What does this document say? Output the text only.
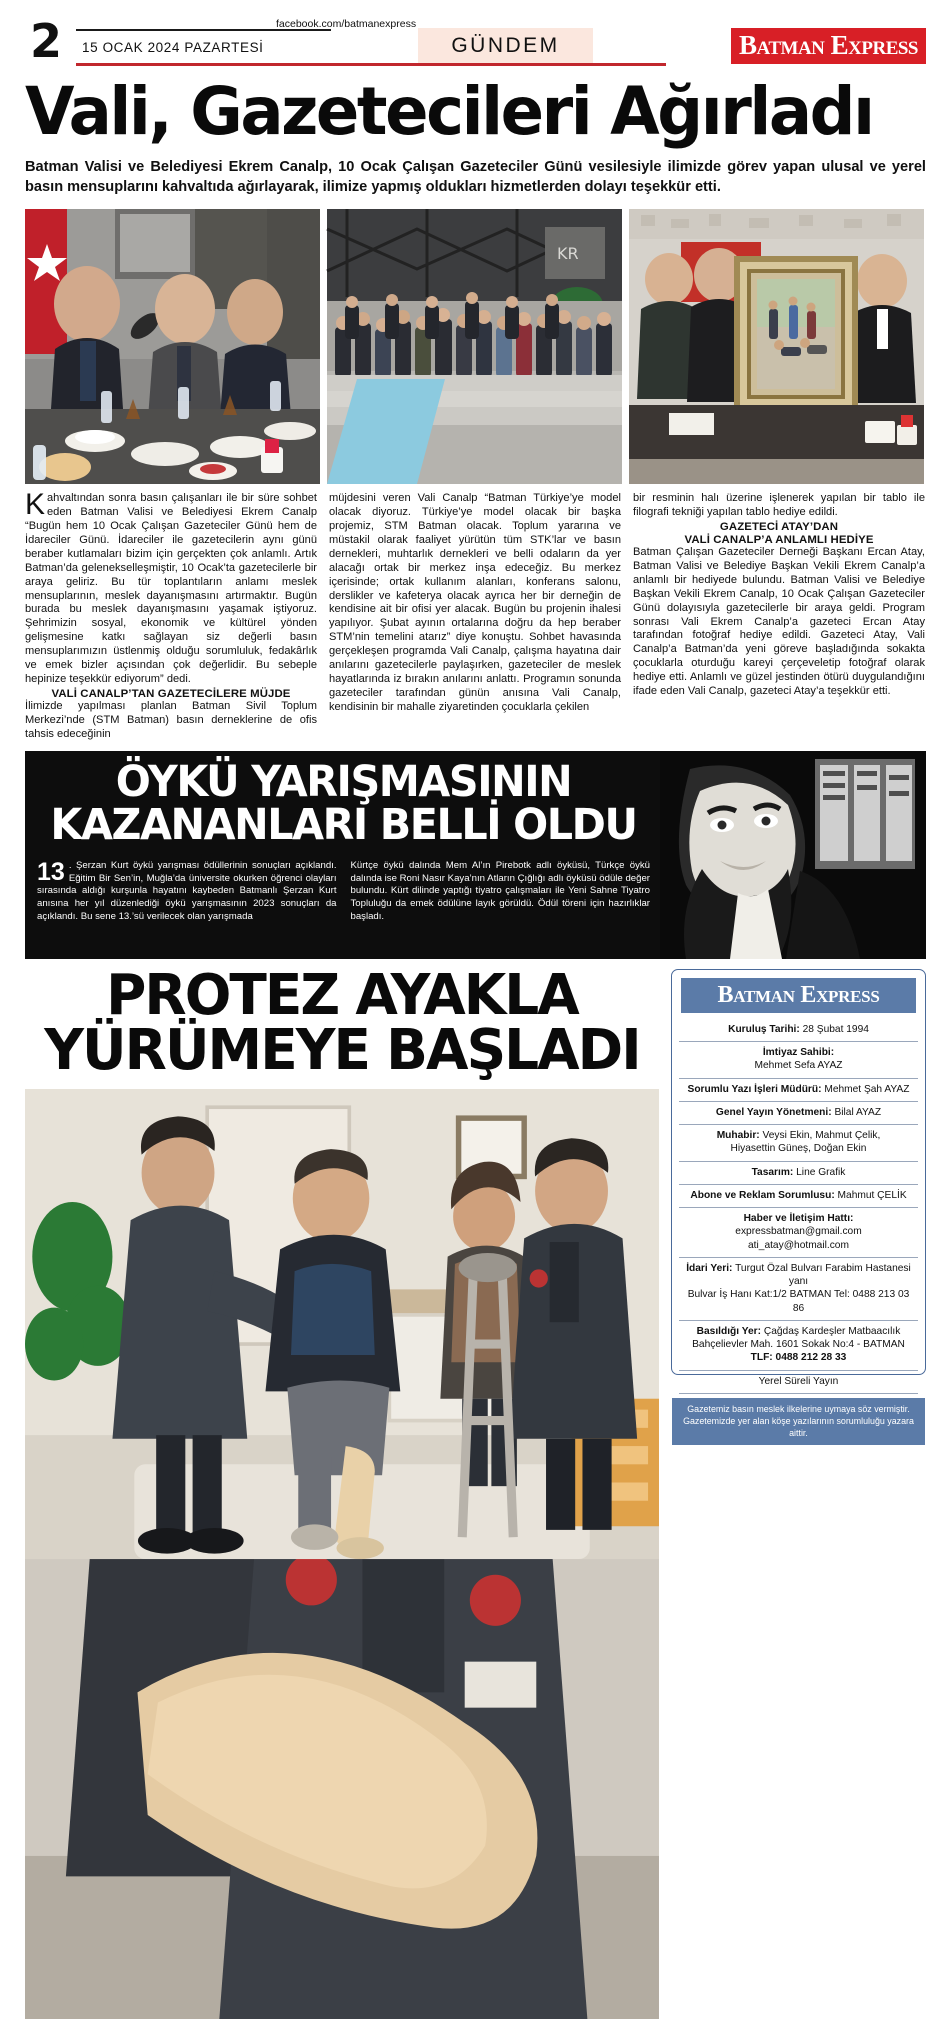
2	facebook.com/batmanexpress
15 OCAK 2024 PAZARTESİ	GÜNDEM	Batman Express
Vali, Gazetecileri Ağırladı
Batman Valisi ve Belediyesi Ekrem Canalp, 10 Ocak Çalışan Gazeteciler Günü vesilesiyle ilimizde görev yapan ulusal ve yerel basın mensuplarını kahvaltıda ağırlayarak, ilimize yapmış oldukları hizmetlerden dolayı teşekkür etti.
KR

Kahvaltından sonra basın çalışanları ile bir süre sohbet eden Batman Valisi ve Belediyesi Ekrem Canalp “Bugün hem 10 Ocak Çalışan Gazeteciler Günü hem de İdareciler Günü. İdareciler ile gazetecilerin aynı günü beraber kutlamaları bizim için gerçekten çok anlamlı. Artık Batman’da gelenekselleşmiştir, 10 Ocak’ta gazetecilerle bir araya geliriz. Bu tür toplantıların anlamı meslek mensuplarının, meslek dayanışmasını artırmaktır. Bugün burada bu meslek dayanışmasını yaşamak iştiyoruz. Şehrimizin sosyal, ekonomik ve kültürel yönden gelişmesine katkı sağlayan siz değerli basın mensuplarımızın üstlenmiş olduğu sorumluluk, fedakârlık ve emek bizler açısından çok değerlidir. Bu sebeple hepinize teşekkür ediyorum” dedi.

VALİ CANALP’TAN GAZETECİLERE MÜJDE

İlimizde yapılması planlan Batman Sivil Toplum Merkezi’nde (STM Batman) basın derneklerine de ofis tahsis edeceğinin

müjdesini veren Vali Canalp “Batman Türkiye’ye model olacak diyoruz. Türkiye’ye model olacak bir başka projemiz, STM Batman olacak. Toplum yararına ve müstakil olarak faaliyet yürütün tüm STK’lar ve basın dernekleri, muhtarlık dernekleri ve belli odaların da yer alacağı ortak bir merkez inşa edeceğiz. Bu merkez içerisinde; ortak kullanım alanları, konferans salonu, derslikler ve kafeterya olacak ayrıca her bir derneğin de kendisine ait bir ofisi yer alacak. Bugün bu projenin ihalesi yapılıyor. Şubat ayının ortalarına doğru da hep beraber STM’nin temelini atarız” diye konuştu. Sohbet havasında gerçekleşen programda Vali Canalp, çalışma hayatına dair anılarını gazetecilerle paylaşırken, gazeteciler de meslek hayatlarında iz bırakın anılarını anlattı. Programın sonunda gazeteciler tarafından günün anısına Vali Canalp, kendisinin bir mahalle ziyaretinden çocuklarla çekilen

bir resminin halı üzerine işlenerek yapılan bir tablo ile filografi tekniği yapılan tablo hediye edildi.

GAZETECİ ATAY’DAN

VALİ CANALP’A ANLAMLI HEDİYE

Batman Çalışan Gazeteciler Derneği Başkanı Ercan Atay, Batman Valisi ve Belediye Başkan Vekili Ekrem Canalp’a anlamlı bir hediyede bulundu. Batman Valisi ve Belediye Başkan Vekili Ekrem Canalp, 10 Ocak Çalışan Gazeteciler Günü dolayısıyla gazetecilerle bir araya geldi. Program sonrası Vali Ekrem Canalp’a gazeteci Ercan Atay tarafından fotoğraf hediye edildi. Gazeteci Atay, Vali Canalp’a Batman’da yeni göreve başladığında sokakta çocuklarla oturduğu kareyi çerçeveletip fotoğraf olarak hediye etti. Anlamlı ve güzel jestinden ötürü duygulandığını ifade eden Vali Canalp, gazeteci Atay’a teşekkür etti.

ÖYKÜ YARIŞMASININ
KAZANANLARI BELLİ OLDU
13 . Şerzan Kurt öykü yarışması ödüllerinin sonuçları açıklandı. Eğitim Bir Sen’in, Muğla’da üniversite okurken öğrenci olayları sırasında aldığı kurşunla hayatını kaybeden Batmanlı Şerzan Kurt anısına her yıl düzenlediği öykü yarışmasının 2023 sonuçları da açıklandı. Bu sene 13.’sü verilecek olan yarışmada
Kürtçe öykü dalında Mem Al’ın Pirebotk adlı öyküsü, Türkçe öykü dalında ise Roni Nasır Kaya’nın Atların Çığlığı adlı öyküsü ödüle değer bulundu. Kürt dilinde yaptığı tiyatro çalışmaları ile Yeni Sahne Tiyatro Topluluğu da emek ödülüne layık görüldü. Ödül töreni için hazırlıklar başladı.
PROTEZ AYAKLA
YÜRÜMEYE BAŞLADI

Batman Express
Kuruluş Tarihi: 28 Şubat 1994
İmtiyaz Sahibi:
Mehmet Sefa AYAZ
Sorumlu Yazı İşleri Müdürü: Mehmet Şah AYAZ
Genel Yayın Yönetmeni: Bilal AYAZ
Muhabir: Veysi Ekin, Mahmut Çelik,
Hiyasettin Güneş, Doğan Ekin
Tasarım: Line Grafik
Abone ve Reklam Sorumlusu: Mahmut ÇELİK
Haber ve İletişim Hattı:
expressbatman@gmail.com
ati_atay@hotmail.com
İdari Yeri: Turgut Özal Bulvarı Farabim Hastanesi yanı
Bulvar İş Hanı Kat:1/2 BATMAN Tel: 0488 213 03 86
Basıldığı Yer: Çağdaş Kardeşler Matbaacılık
Bahçelievler Mah. 1601 Sokak No:4 - BATMAN
TLF: 0488 212 28 33
Yerel Süreli Yayın
Gazetemiz basın meslek ilkelerine uymaya söz vermiştir.
Gazetemizde yer alan köşe yazılarının sorumluluğu yazara aittir.
